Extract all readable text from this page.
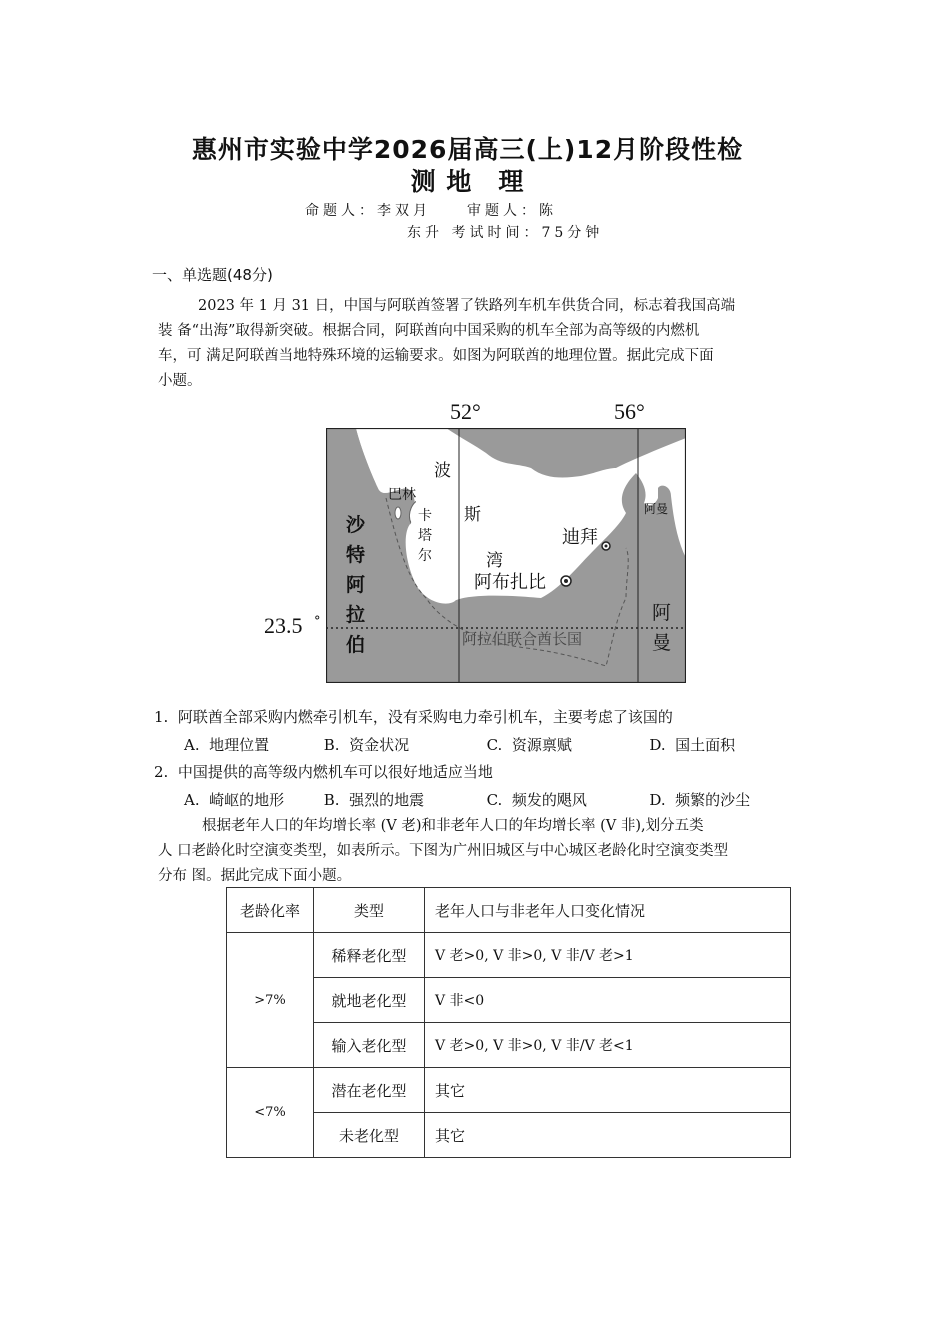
惠州市实验中学2026届高三(上)12月阶段性检
测 地　理
命题人：李双月　　审题人：陈
东升 考试时间：75分钟
一、单选题(48分)
2023 年 1 月 31 日，中国与阿联酋签署了铁路列车机车供货合同，标志着我国高端
装 备“出海”取得新突破。根据合同，阿联酋向中国采购的机车全部为高等级的内燃机
车，可 满足阿联酋当地特殊环境的运输要求。如图为阿联酋的地理位置。据此完成下面
小题。
52°	56°
23.5 °
波
斯
湾
沙
特
阿
拉
伯
巴林
卡
塔
尔
迪拜
阿布扎比
阿曼
阿
曼
阿拉伯联合酋长国
1. 阿联酋全部采购内燃牵引机车，没有采购电力牵引机车，主要考虑了该国的
A. 地理位置	B. 资金状况	C. 资源禀赋	D. 国土面积
2. 中国提供的高等级内燃机车可以很好地适应当地
A. 崎岖的地形	B. 强烈的地震	C. 频发的飓风	D. 频繁的沙尘
根据老年人口的年均增长率 (V 老)和非老年人口的年均增长率 (V 非),划分五类
人 口老龄化时空演变类型，如表所示。下图为广州旧城区与中心城区老龄化时空演变类型
分布 图。据此完成下面小题。
老龄化率	类型	老年人口与非老年人口变化情况
>7%	稀释老化型	V 老>0, V 非>0, V 非/V 老>1
	就地老化型	V 非<0
	输入老化型	V 老>0, V 非>0, V 非/V 老<1
<7%	潜在老化型	其它
	未老化型	其它
